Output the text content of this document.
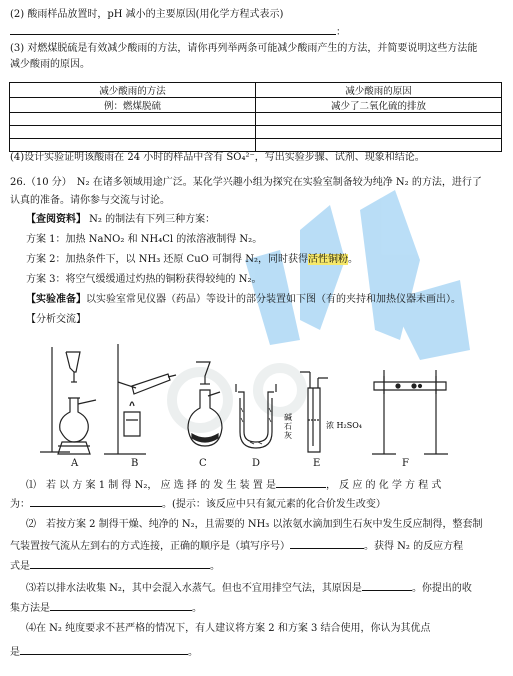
(2) 酸雨样品放置时，pH 减小的主要原因(用化学方程式表示)
：
(3) 对燃煤脱硫是有效减少酸雨的方法，请你再列举两条可能减少酸雨产生的方法，并简要说明这些方法能
减少酸雨的原因。
减少酸雨的方法	减少酸雨的原因
例：燃煤脱硫	减少了二氧化硫的排放

(4)设计实验证明该酸雨在 24 小时的样品中含有 SO₄²⁻，写出实验步骤、试剂、现象和结论。
26.（10 分）　N₂ 在诸多领域用途广泛。某化学兴趣小组为探究在实验室制备较为纯净 N₂ 的方法，进行了
认真的准备。请你参与交流与讨论。
【查阅资料】 N₂ 的制法有下列三种方案：
方案 1：加热 NaNO₂ 和 NH₄Cl 的浓溶液制得 N₂。
方案 2：加热条件下，以 NH₃ 还原 CuO 可制得 N₂，同时获得活性铜粉。
方案 3：将空气缓缓通过灼热的铜粉获得较纯的 N₂。
【实验准备】以实验室常见仪器（药品）等设计的部分装置如下图（有的夹持和加热仪器未画出）。
【分析交流】
碱石灰
浓 H₂SO₄
A	B	C	D	E	F
⑴　若 以 方 案 1 制 得 N₂， 应 选 择 的 发 生 装 置 是	， 反 应 的 化 学 方 程 式
为：	。(提示：该反应中只有氮元素的化合价发生改变）
⑵　若按方案 2 制得干燥、纯净的 N₂，且需要的 NH₃ 以浓氨水滴加到生石灰中发生反应制得，整套制
气装置按气流从左到右的方式连接，正确的顺序是（填写序号）	。获得 N₂ 的反应方程
式是	。
⑶若以排水法收集 N₂，其中会混入水蒸气。但也不宜用排空气法，其原因是	。你提出的收
集方法是	。
⑷在 N₂ 纯度要求不甚严格的情况下，有人建议将方案 2 和方案 3 结合使用，你认为其优点
是	。
